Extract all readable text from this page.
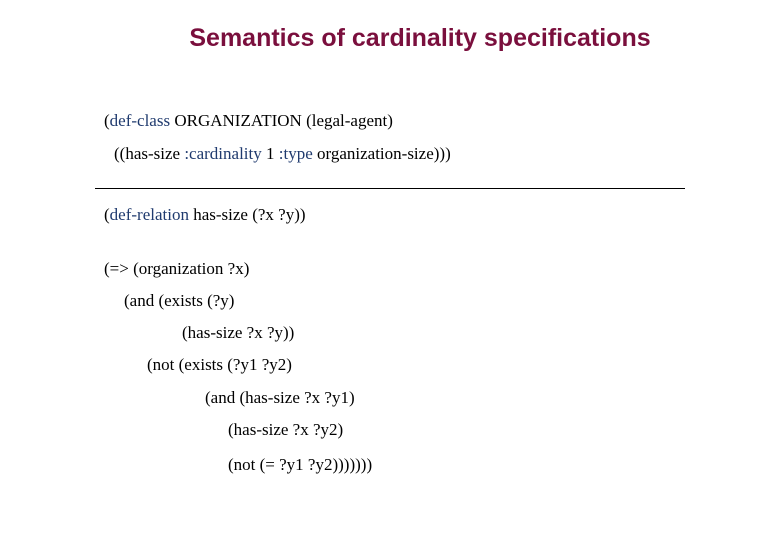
Semantics of cardinality specifications
(def-class ORGANIZATION (legal-agent)
((has-size :cardinality 1 :type organization-size)))
(def-relation has-size (?x ?y))
(=> (organization ?x)
(and (exists (?y)
(has-size ?x ?y))
(not (exists (?y1 ?y2)
(and (has-size ?x ?y1)
(has-size ?x ?y2)
(not (= ?y1 ?y2)))))))
